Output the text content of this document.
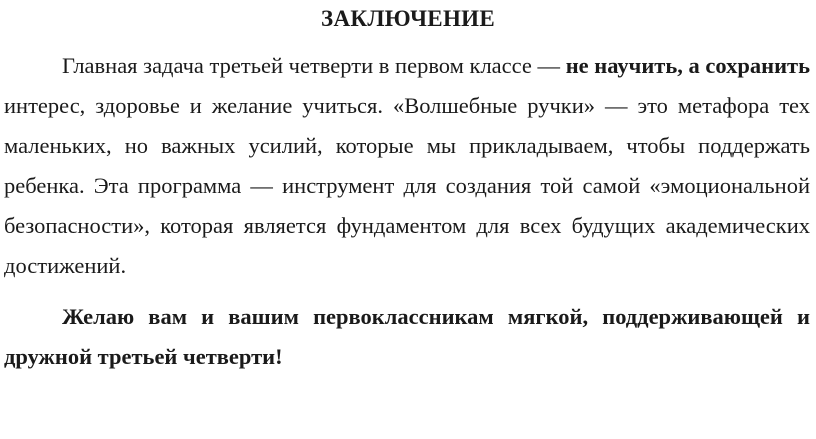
ЗАКЛЮЧЕНИЕ

Главная задача третьей четверти в первом классе — не научить, а сохранить интерес, здоровье и желание учиться. «Волшебные ручки» — это метафора тех маленьких, но важных усилий, которые мы прикладываем, чтобы поддержать ребенка. Эта программа — инструмент для создания той самой «эмоциональной безопасности», которая является фундаментом для всех будущих академических достижений.

Желаю вам и вашим первоклассникам мягкой, поддерживающей и дружной третьей четверти!
